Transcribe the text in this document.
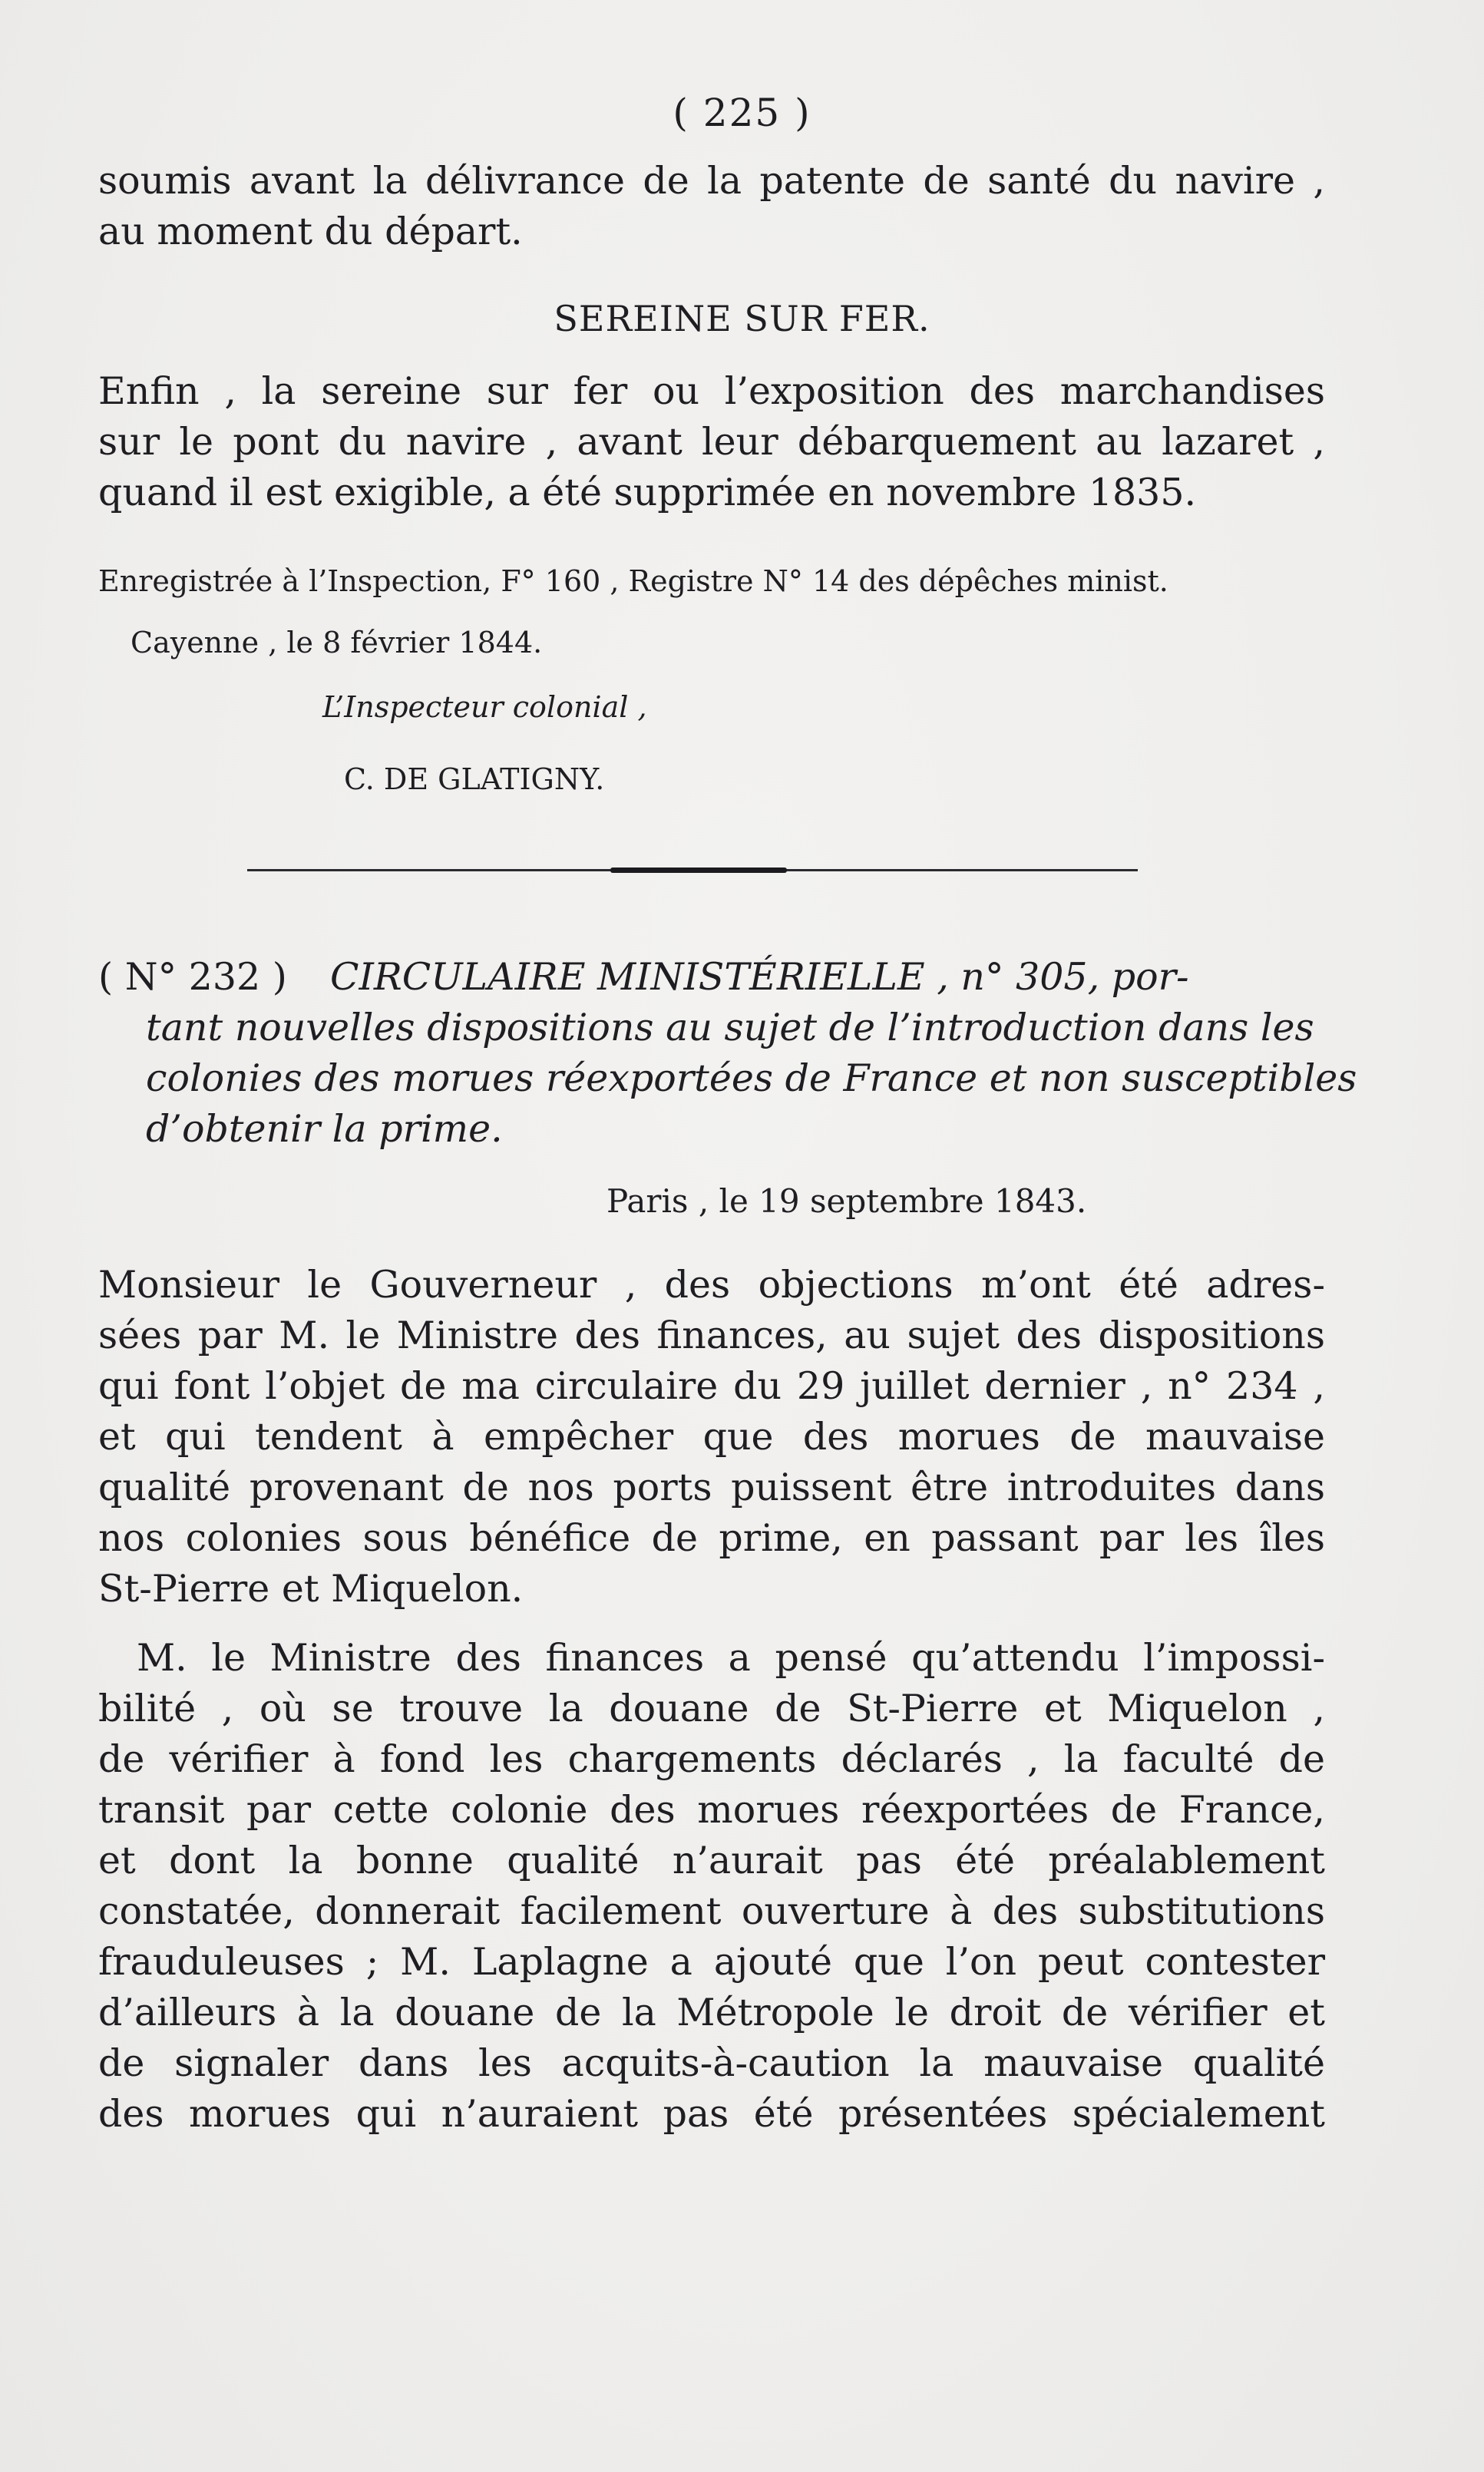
( 225 )
soumis avant la délivrance de la patente de santé du navire ,
au moment du départ.
SEREINE SUR FER.
Enfin , la sereine sur fer ou l’exposition des marchandises
sur le pont du navire , avant leur débarquement au lazaret ,
quand il est exigible, a été supprimée en novembre 1835.
Enregistrée à l’Inspection, F° 160 , Registre N° 14 des dépêches minist.
Cayenne , le 8 février 1844.
L’Inspecteur colonial ,
C. DE GLATIGNY.
( N° 232 ) CIRCULAIRE MINISTÉRIELLE , n° 305, por-
tant nouvelles dispositions au sujet de l’introduction dans les
colonies des morues réexportées de France et non susceptibles
d’obtenir la prime.
Paris , le 19 septembre 1843.
Monsieur le Gouverneur , des objections m’ont été adres-
sées par M. le Ministre des finances, au sujet des dispositions
qui font l’objet de ma circulaire du 29 juillet dernier , n° 234 ,
et qui tendent à empêcher que des morues de mauvaise
qualité provenant de nos ports puissent être introduites dans
nos colonies sous bénéfice de prime, en passant par les îles
St-Pierre et Miquelon.
M. le Ministre des finances a pensé qu’attendu l’impossi-
bilité , où se trouve la douane de St-Pierre et Miquelon ,
de vérifier à fond les chargements déclarés , la faculté de
transit par cette colonie des morues réexportées de France,
et dont la bonne qualité n’aurait pas été préalablement
constatée, donnerait facilement ouverture à des substitutions
frauduleuses ; M. Laplagne a ajouté que l’on peut contester
d’ailleurs à la douane de la Métropole le droit de vérifier et
de signaler dans les acquits-à-caution la mauvaise qualité
des morues qui n’auraient pas été présentées spécialement
